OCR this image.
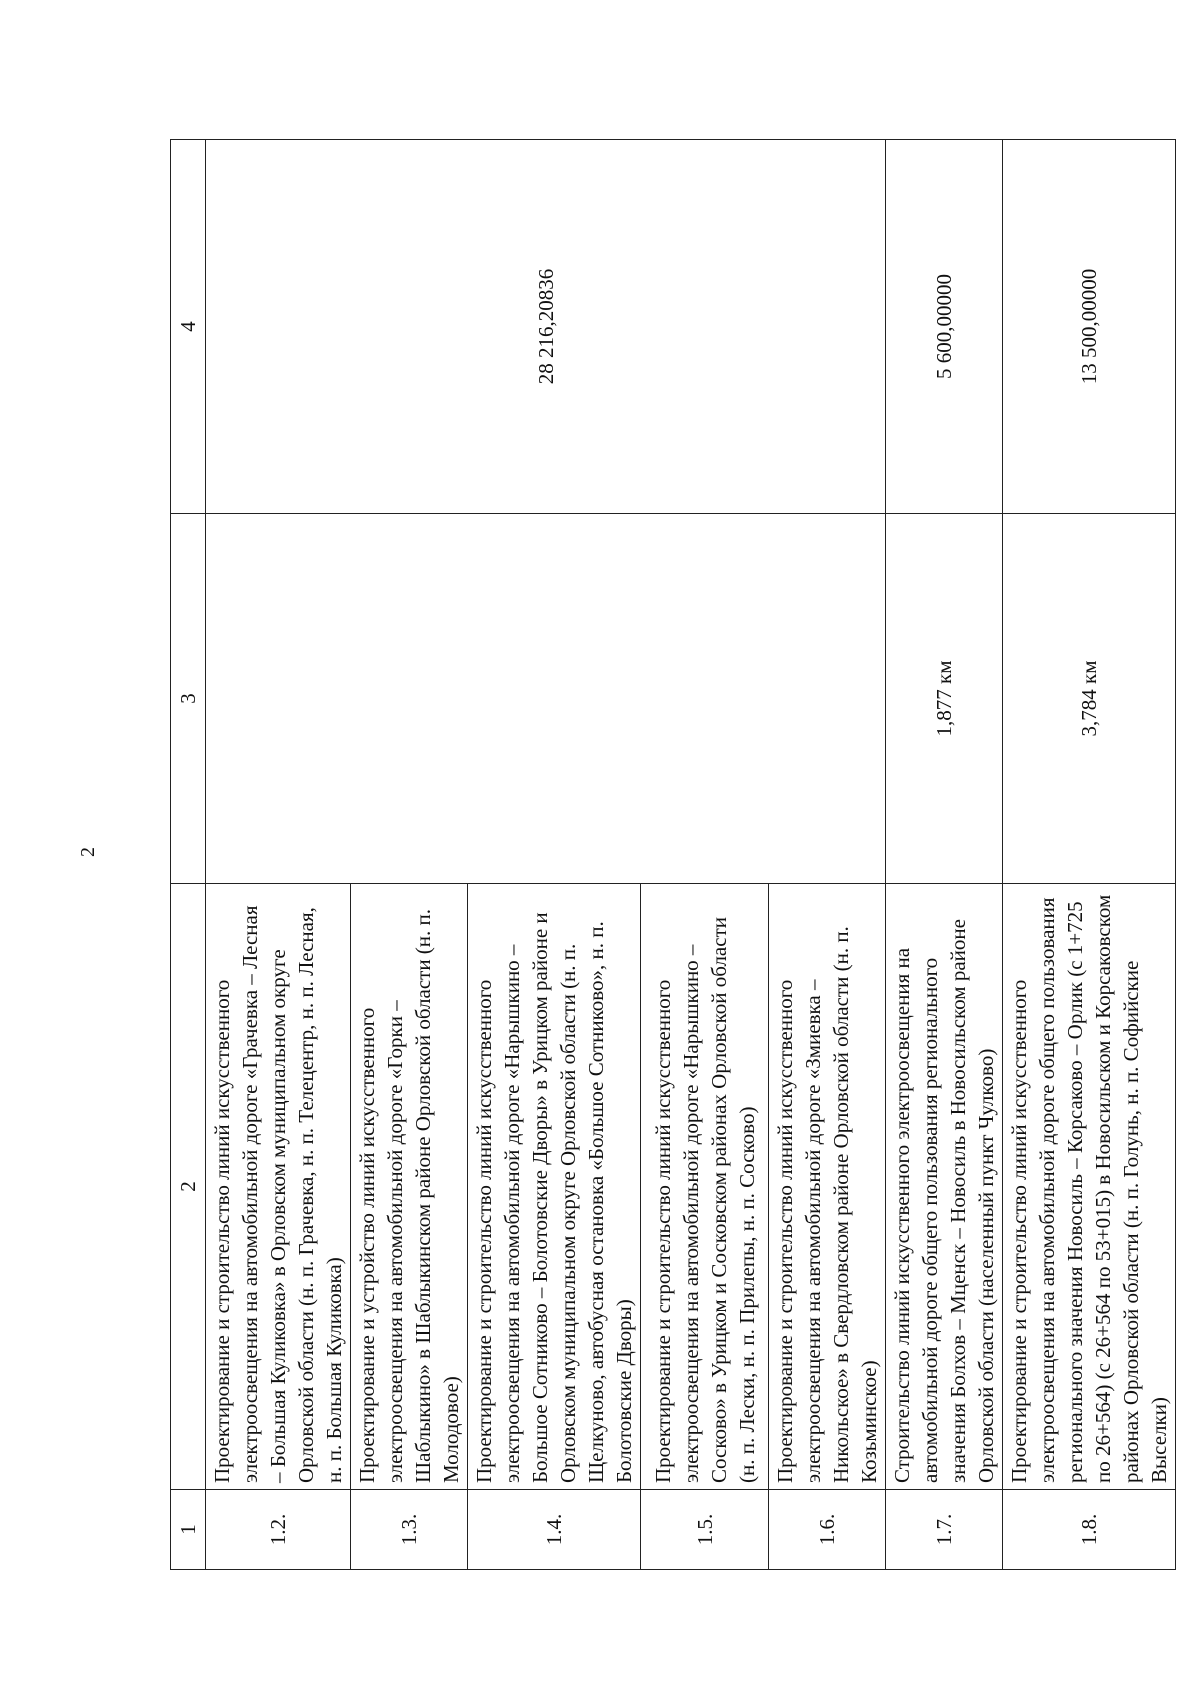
2
1	2	3	4
1.2.	Проектирование и строительство линий искусственного электроосвещения на автомобильной дороге «Грачевка – Лесная – Большая Куликовка» в Орловском муниципальном округе Орловской области (н. п. Грачевка, н. п. Телецентр, н. п. Лесная, н. п. Большая Куликовка)		28 216,20836
1.3.	Проектирование и устройство линий искусственного электроосвещения на автомобильной дороге «Горки – Шаблыкино» в Шаблыкинском районе Орловской области (н. п. Молодовое)		
1.4.	Проектирование и строительство линий искусственного электроосвещения на автомобильной дороге «Нарышкино – Большое Сотниково – Болотовские Дворы» в Урицком районе и Орловском муниципальном округе Орловской области (н. п. Щелкуново, автобусная остановка «Большое Сотниково», н. п. Болотовские Дворы)		
1.5.	Проектирование и строительство линий искусственного электроосвещения на автомобильной дороге «Нарышкино – Сосково» в Урицком и Сосковском районах Орловской области (н. п. Лески, н. п. Прилепы, н. п. Сосково)		
1.6.	Проектирование и строительство линий искусственного электроосвещения на автомобильной дороге «Змиевка – Никольское» в Свердловском районе Орловской области (н. п. Козьминское)		
1.7.	Строительство линий искусственного электроосвещения на автомобильной дороге общего пользования регионального значения Болхов – Мценск – Новосиль в Новосильском районе Орловской области (населенный пункт Чулково)	1,877 км	5 600,00000
1.8.	Проектирование и строительство линий искусственного электроосвещения на автомобильной дороге общего пользования регионального значения Новосиль – Корсаково – Орлик (с 1+725 по 26+564) (с 26+564 по 53+015) в Новосильском и Корсаковском районах Орловской области (н. п. Голунь, н. п. Софийские Выселки)	3,784 км	13 500,00000
